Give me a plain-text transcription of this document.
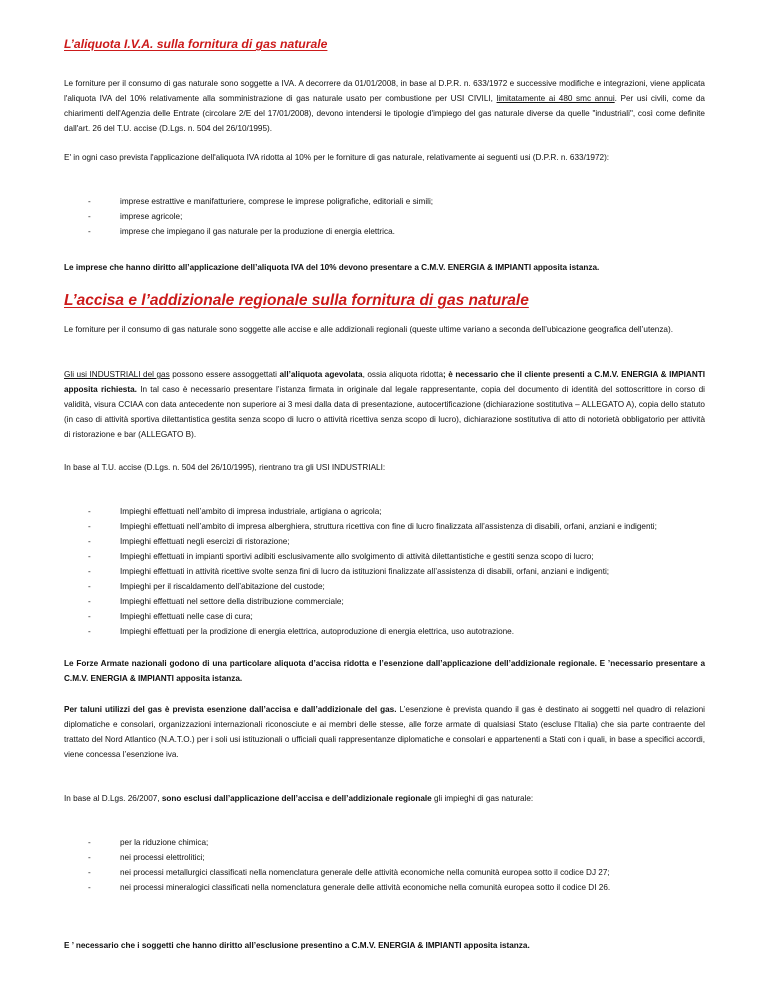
L’aliquota I.V.A. sulla fornitura di gas naturale

Le forniture per il consumo di gas naturale sono soggette a IVA. A decorrere da 01/01/2008, in base al D.P.R. n. 633/1972 e successive modifiche e integrazioni, viene applicata l'aliquota IVA del 10% relativamente alla somministrazione di gas naturale usato per combustione per USI CIVILI, limitatamente ai 480 smc annui. Per usi civili, come da chiarimenti dell'Agenzia delle Entrate (circolare 2/E del 17/01/2008), devono intendersi le tipologie d'impiego del gas naturale diverse da quelle "industriali", così come definite dall'art. 26 del T.U. accise (D.Lgs. n. 504 del 26/10/1995).

E' in ogni caso prevista l'applicazione dell'aliquota IVA ridotta al 10% per le forniture di gas naturale, relativamente ai seguenti usi (D.P.R. n. 633/1972):

-	imprese estrattive e manifatturiere, comprese le imprese poligrafiche, editoriali e simili;
-	imprese agricole;
-	imprese che impiegano il gas naturale per la produzione di energia elettrica.

Le imprese che hanno diritto all’applicazione dell’aliquota IVA del 10% devono presentare a C.M.V. ENERGIA & IMPIANTI apposita istanza.

L’accisa e l’addizionale regionale sulla fornitura di gas naturale

Le forniture per il consumo di gas naturale sono soggette alle accise e alle addizionali regionali (queste ultime variano a seconda dell’ubicazione geografica dell’utenza).

Gli usi INDUSTRIALI del gas possono essere assoggettati all’aliquota agevolata, ossia aliquota ridotta; è necessario che il cliente presenti a C.M.V. ENERGIA & IMPIANTI apposita richiesta. In tal caso è necessario presentare l’istanza firmata in originale dal legale rappresentante, copia del documento di identità del sottoscrittore in corso di validità, visura CCIAA con data antecedente non superiore ai 3 mesi dalla data di presentazione, autocertificazione (dichiarazione sostitutiva – ALLEGATO A), copia dello statuto (in caso di attività sportiva dilettantistica gestita senza scopo di lucro o attività ricettiva senza scopo di lucro), dichiarazione sostitutiva di atto di notorietà obbligatorio per attività di ristorazione e bar (ALLEGATO B).

In base al T.U. accise (D.Lgs. n. 504 del 26/10/1995), rientrano tra gli USI INDUSTRIALI:

-	Impieghi effettuati nell’ambito di impresa industriale, artigiana o agricola;
-	Impieghi effettuati nell’ambito di impresa alberghiera, struttura ricettiva con fine di lucro finalizzata all’assistenza di disabili, orfani, anziani e indigenti;
-	Impieghi effettuati negli esercizi di ristorazione;
-	Impieghi effettuati in impianti sportivi adibiti esclusivamente allo svolgimento di attività dilettantistiche e gestiti senza scopo di lucro;
-	Impieghi effettuati in attività ricettive svolte senza fini di lucro da istituzioni finalizzate all’assistenza di disabili, orfani, anziani e indigenti;
-	Impieghi per il riscaldamento dell’abitazione del custode;
-	Impieghi effettuati nel settore della distribuzione commerciale;
-	Impieghi effettuati nelle case di cura;
-	Impieghi effettuati per la prodizione di energia elettrica, autoproduzione di energia elettrica, uso autotrazione.

Le Forze Armate nazionali godono di una particolare aliquota d’accisa ridotta e l’esenzione dall’applicazione dell’addizionale regionale. E ’necessario presentare a C.M.V. ENERGIA & IMPIANTI apposita istanza.

Per taluni utilizzi del gas è prevista esenzione dall’accisa e dall’addizionale del gas. L’esenzione è prevista quando il gas è destinato ai soggetti nel quadro di relazioni diplomatiche e consolari, organizzazioni internazionali riconosciute e ai membri delle stesse, alle forze armate di qualsiasi Stato (escluse l’Italia) che sia parte contraente del trattato del Nord Atlantico (N.A.T.O.) per i soli usi istituzionali o ufficiali quali rappresentanze diplomatiche e consolari e appartenenti a Stati con i quali, in base a specifici accordi, viene concessa l’esenzione iva.

In base al D.Lgs. 26/2007, sono esclusi dall’applicazione dell’accisa e dell’addizionale regionale gli impieghi di gas naturale:

-	per la riduzione chimica;
-	nei processi elettrolitici;
-	nei processi metallurgici classificati nella nomenclatura generale delle attività economiche nella comunità europea sotto il codice DJ 27;
-	nei processi mineralogici classificati nella nomenclatura generale delle attività economiche nella comunità europea sotto il codice DI 26.

E ’ necessario che i soggetti che hanno diritto all’esclusione presentino a C.M.V. ENERGIA & IMPIANTI apposita istanza.
